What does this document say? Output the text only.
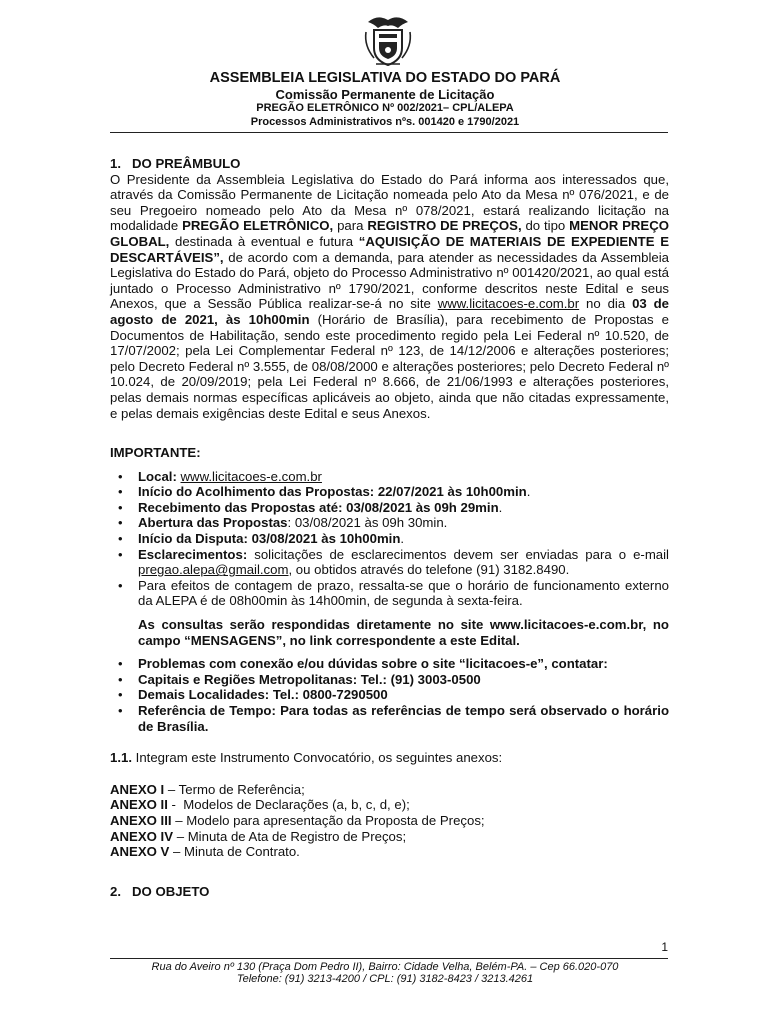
ASSEMBLEIA LEGISLATIVA DO ESTADO DO PARÁ
Comissão Permanente de Licitação
PREGÃO ELETRÔNICO Nº 002/2021– CPL/ALEPA
Processos Administrativos nºs. 001420 e 1790/2021
1. DO PREÂMBULO
O Presidente da Assembleia Legislativa do Estado do Pará informa aos interessados que, através da Comissão Permanente de Licitação nomeada pelo Ato da Mesa nº 076/2021, e de seu Pregoeiro nomeado pelo Ato da Mesa nº 078/2021, estará realizando licitação na modalidade PREGÃO ELETRÔNICO, para REGISTRO DE PREÇOS, do tipo MENOR PREÇO GLOBAL, destinada à eventual e futura “AQUISIÇÃO DE MATERIAIS DE EXPEDIENTE E DESCARTÁVEIS”, de acordo com a demanda, para atender as necessidades da Assembleia Legislativa do Estado do Pará, objeto do Processo Administrativo nº 001420/2021, ao qual está juntado o Processo Administrativo nº 1790/2021, conforme descritos neste Edital e seus Anexos, que a Sessão Pública realizar-se-á no site www.licitacoes-e.com.br no dia 03 de agosto de 2021, às 10h00min (Horário de Brasília), para recebimento de Propostas e Documentos de Habilitação, sendo este procedimento regido pela Lei Federal nº 10.520, de 17/07/2002; pela Lei Complementar Federal nº 123, de 14/12/2006 e alterações posteriores; pelo Decreto Federal nº 3.555, de 08/08/2000 e alterações posteriores; pelo Decreto Federal nº 10.024, de 20/09/2019; pela Lei Federal nº 8.666, de 21/06/1993 e alterações posteriores, pelas demais normas específicas aplicáveis ao objeto, ainda que não citadas expressamente, e pelas demais exigências deste Edital e seus Anexos.
IMPORTANTE:
• Local: www.licitacoes-e.com.br
• Início do Acolhimento das Propostas: 22/07/2021 às 10h00min.
• Recebimento das Propostas até: 03/08/2021 às 09h 29min.
• Abertura das Propostas: 03/08/2021 às 09h 30min.
• Início da Disputa: 03/08/2021 às 10h00min.
• Esclarecimentos: solicitações de esclarecimentos devem ser enviadas para o e-mail pregao.alepa@gmail.com, ou obtidos através do telefone (91) 3182.8490.
• Para efeitos de contagem de prazo, ressalta-se que o horário de funcionamento externo da ALEPA é de 08h00min às 14h00min, de segunda à sexta-feira.
As consultas serão respondidas diretamente no site www.licitacoes-e.com.br, no campo “MENSAGENS”, no link correspondente a este Edital.
• Problemas com conexão e/ou dúvidas sobre o site “licitacoes-e”, contatar:
• Capitais e Regiões Metropolitanas: Tel.: (91) 3003-0500
• Demais Localidades: Tel.: 0800-7290500
• Referência de Tempo: Para todas as referências de tempo será observado o horário de Brasília.
1.1. Integram este Instrumento Convocatório, os seguintes anexos:
ANEXO I – Termo de Referência;
ANEXO II -  Modelos de Declarações (a, b, c, d, e);
ANEXO III – Modelo para apresentação da Proposta de Preços;
ANEXO IV – Minuta de Ata de Registro de Preços;
ANEXO V – Minuta de Contrato.
2. DO OBJETO
1
Rua do Aveiro nº 130 (Praça Dom Pedro II), Bairro: Cidade Velha, Belém-PA. – Cep 66.020-070
Telefone: (91) 3213-4200 / CPL: (91) 3182-8423 / 3213.4261
